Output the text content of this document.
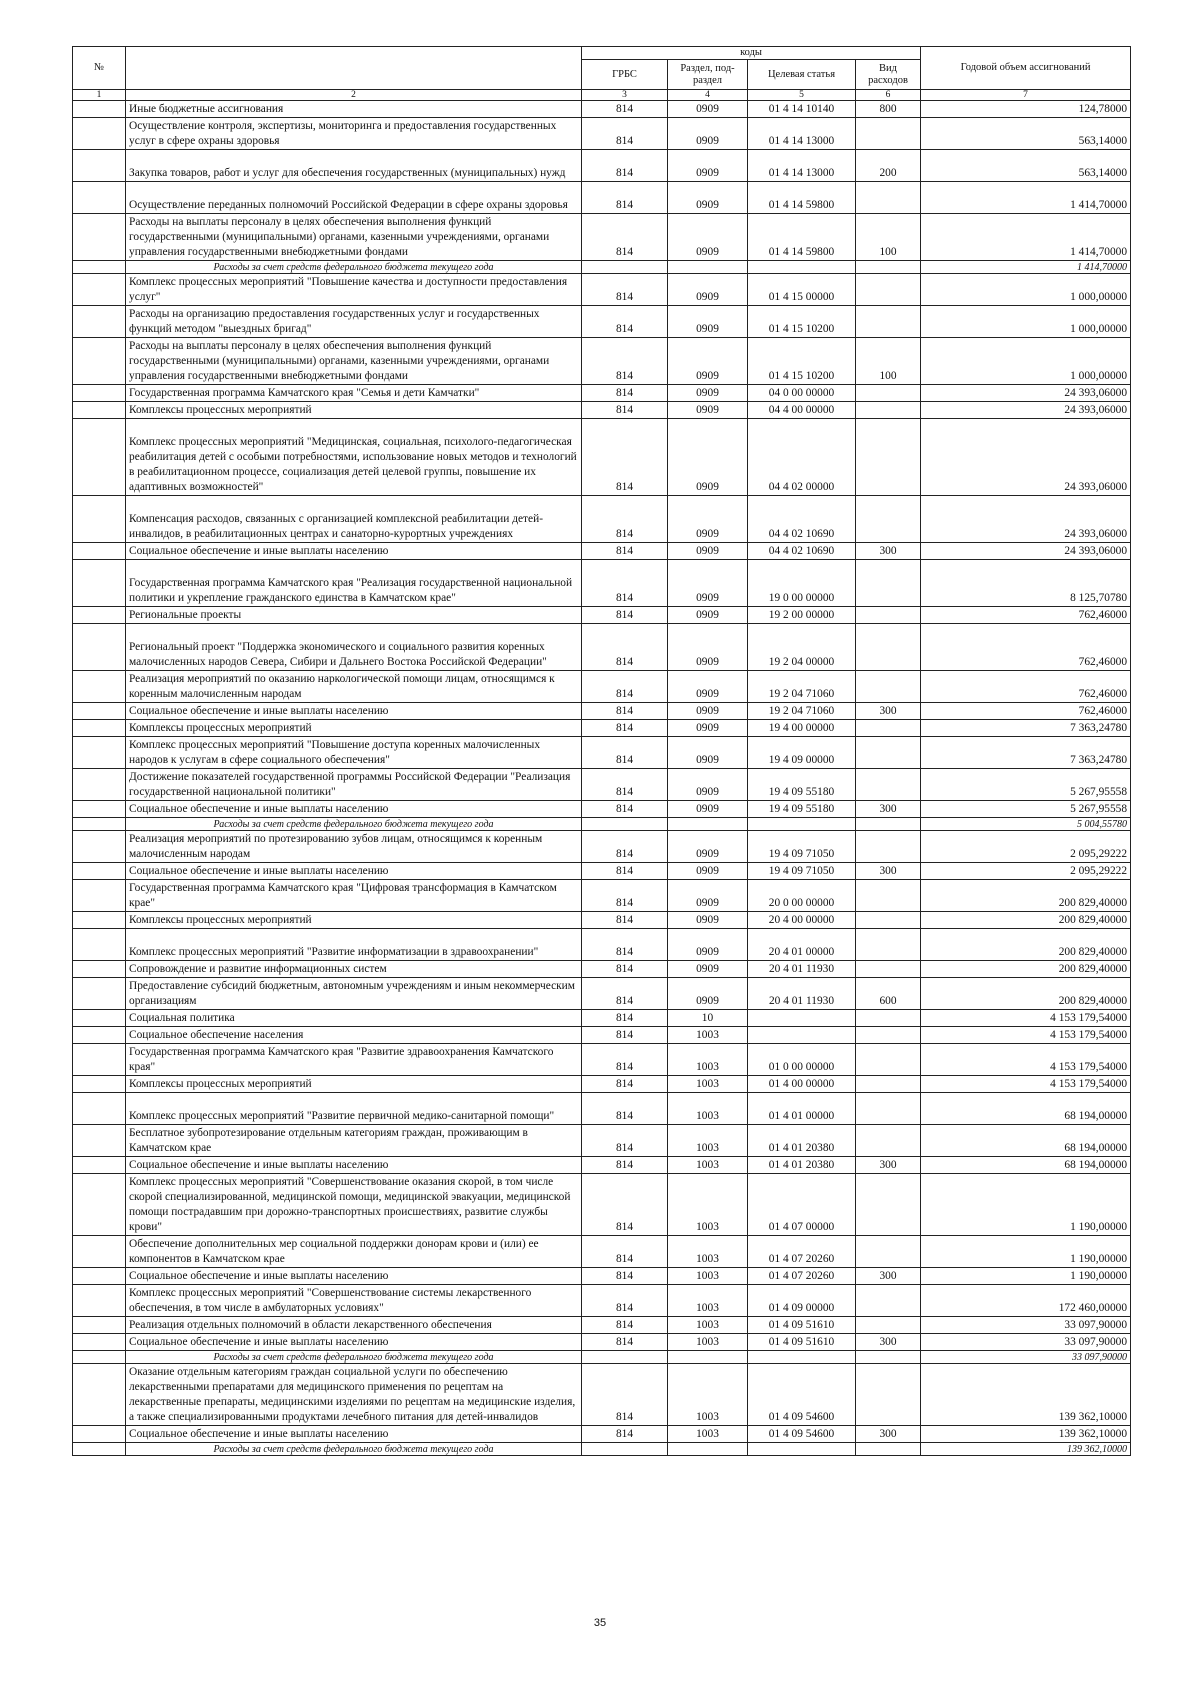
№		коды				Годовой объем ассигнований
		ГРБС	Раздел, под-раздел	Целевая статья	Вид расходов	
1	2	3	4	5	6	7
	Иные бюджетные ассигнования	814	0909	01 4 14 10140	800	124,78000
	Осуществление контроля, экспертизы, мониторинга и предоставления государственных услуг в сфере охраны здоровья	814	0909	01 4 14 13000		563,14000
	Закупка товаров, работ и услуг для обеспечения государственных (муниципальных) нужд	814	0909	01 4 14 13000	200	563,14000
	Осуществление переданных полномочий Российской Федерации в сфере охраны здоровья	814	0909	01 4 14 59800		1 414,70000
	Расходы на выплаты персоналу в целях обеспечения выполнения функций государственными (муниципальными) органами, казенными учреждениями, органами управления государственными внебюджетными фондами	814	0909	01 4 14 59800	100	1 414,70000
	Расходы за счет средств федерального бюджета текущего года					1 414,70000
	Комплекс процессных мероприятий "Повышение качества и доступности предоставления услуг"	814	0909	01 4 15 00000		1 000,00000
	Расходы на организацию предоставления государственных услуг и государственных функций методом "выездных бригад"	814	0909	01 4 15 10200		1 000,00000
	Расходы на выплаты персоналу в целях обеспечения выполнения функций государственными (муниципальными) органами, казенными учреждениями, органами управления государственными внебюджетными фондами	814	0909	01 4 15 10200	100	1 000,00000
	Государственная программа Камчатского края "Семья и дети Камчатки"	814	0909	04 0 00 00000		24 393,06000
	Комплексы процессных мероприятий	814	0909	04 4 00 00000		24 393,06000
	Комплекс процессных мероприятий "Медицинская, социальная, психолого-педагогическая реабилитация детей с особыми потребностями, использование новых методов и технологий в реабилитационном процессе, социализация детей целевой группы, повышение их адаптивных возможностей"	814	0909	04 4 02 00000		24 393,06000
	Компенсация расходов, связанных с организацией комплексной реабилитации детей-инвалидов, в реабилитационных центрах и санаторно-курортных учреждениях	814	0909	04 4 02 10690		24 393,06000
	Социальное обеспечение и иные выплаты населению	814	0909	04 4 02 10690	300	24 393,06000
	Государственная программа Камчатского края "Реализация государственной национальной политики и укрепление гражданского единства в Камчатском крае"	814	0909	19 0 00 00000		8 125,70780
	Региональные проекты	814	0909	19 2 00 00000		762,46000
	Региональный проект "Поддержка экономического и социального развития коренных малочисленных народов Севера, Сибири и Дальнего Востока Российской Федерации"	814	0909	19 2 04 00000		762,46000
	Реализация мероприятий по оказанию наркологической помощи лицам, относящимся к коренным малочисленным народам	814	0909	19 2 04 71060		762,46000
	Социальное обеспечение и иные выплаты населению	814	0909	19 2 04 71060	300	762,46000
	Комплексы процессных мероприятий	814	0909	19 4 00 00000		7 363,24780
	Комплекс процессных мероприятий "Повышение доступа коренных малочисленных народов к услугам в сфере социального обеспечения"	814	0909	19 4 09 00000		7 363,24780
	Достижение показателей государственной программы Российской Федерации "Реализация государственной национальной политики"	814	0909	19 4 09 55180		5 267,95558
	Социальное обеспечение и иные выплаты населению	814	0909	19 4 09 55180	300	5 267,95558
	Расходы за счет средств федерального бюджета текущего года					5 004,55780
	Реализация мероприятий по протезированию зубов лицам, относящимся к коренным малочисленным народам	814	0909	19 4 09 71050		2 095,29222
	Социальное обеспечение и иные выплаты населению	814	0909	19 4 09 71050	300	2 095,29222
	Государственная программа Камчатского края "Цифровая трансформация в Камчатском крае"	814	0909	20 0 00 00000		200 829,40000
	Комплексы процессных мероприятий	814	0909	20 4 00 00000		200 829,40000
	Комплекс процессных мероприятий "Развитие информатизации в здравоохранении"	814	0909	20 4 01 00000		200 829,40000
	Сопровождение и развитие информационных систем	814	0909	20 4 01 11930		200 829,40000
	Предоставление субсидий бюджетным, автономным учреждениям и иным некоммерческим организациям	814	0909	20 4 01 11930	600	200 829,40000
	Социальная политика	814	10			4 153 179,54000
	Социальное обеспечение населения	814	1003			4 153 179,54000
	Государственная программа Камчатского края "Развитие здравоохранения Камчатского края"	814	1003	01 0 00 00000		4 153 179,54000
	Комплексы процессных мероприятий	814	1003	01 4 00 00000		4 153 179,54000
	Комплекс процессных мероприятий "Развитие первичной медико-санитарной помощи"	814	1003	01 4 01 00000		68 194,00000
	Бесплатное зубопротезирование отдельным категориям граждан, проживающим в Камчатском крае	814	1003	01 4 01 20380		68 194,00000
	Социальное обеспечение и иные выплаты населению	814	1003	01 4 01 20380	300	68 194,00000
	Комплекс процессных мероприятий "Совершенствование оказания скорой, в том числе скорой специализированной, медицинской помощи, медицинской эвакуации, медицинской помощи пострадавшим при дорожно-транспортных происшествиях, развитие службы крови"	814	1003	01 4 07 00000		1 190,00000
	Обеспечение дополнительных мер социальной поддержки донорам крови и (или) ее компонентов в Камчатском крае	814	1003	01 4 07 20260		1 190,00000
	Социальное обеспечение и иные выплаты населению	814	1003	01 4 07 20260	300	1 190,00000
	Комплекс процессных мероприятий "Совершенствование системы лекарственного обеспечения, в том числе в амбулаторных условиях"	814	1003	01 4 09 00000		172 460,00000
	Реализация отдельных полномочий в области лекарственного обеспечения	814	1003	01 4 09 51610		33 097,90000
	Социальное обеспечение и иные выплаты населению	814	1003	01 4 09 51610	300	33 097,90000
	Расходы за счет средств федерального бюджета текущего года					33 097,90000
	Оказание отдельным категориям граждан социальной услуги по обеспечению лекарственными препаратами для медицинского применения по рецептам на лекарственные препараты, медицинскими изделиями по рецептам на медицинские изделия, а также специализированными продуктами лечебного питания для детей-инвалидов	814	1003	01 4 09 54600		139 362,10000
	Социальное обеспечение и иные выплаты населению	814	1003	01 4 09 54600	300	139 362,10000
	Расходы за счет средств федерального бюджета текущего года					139 362,10000
35
